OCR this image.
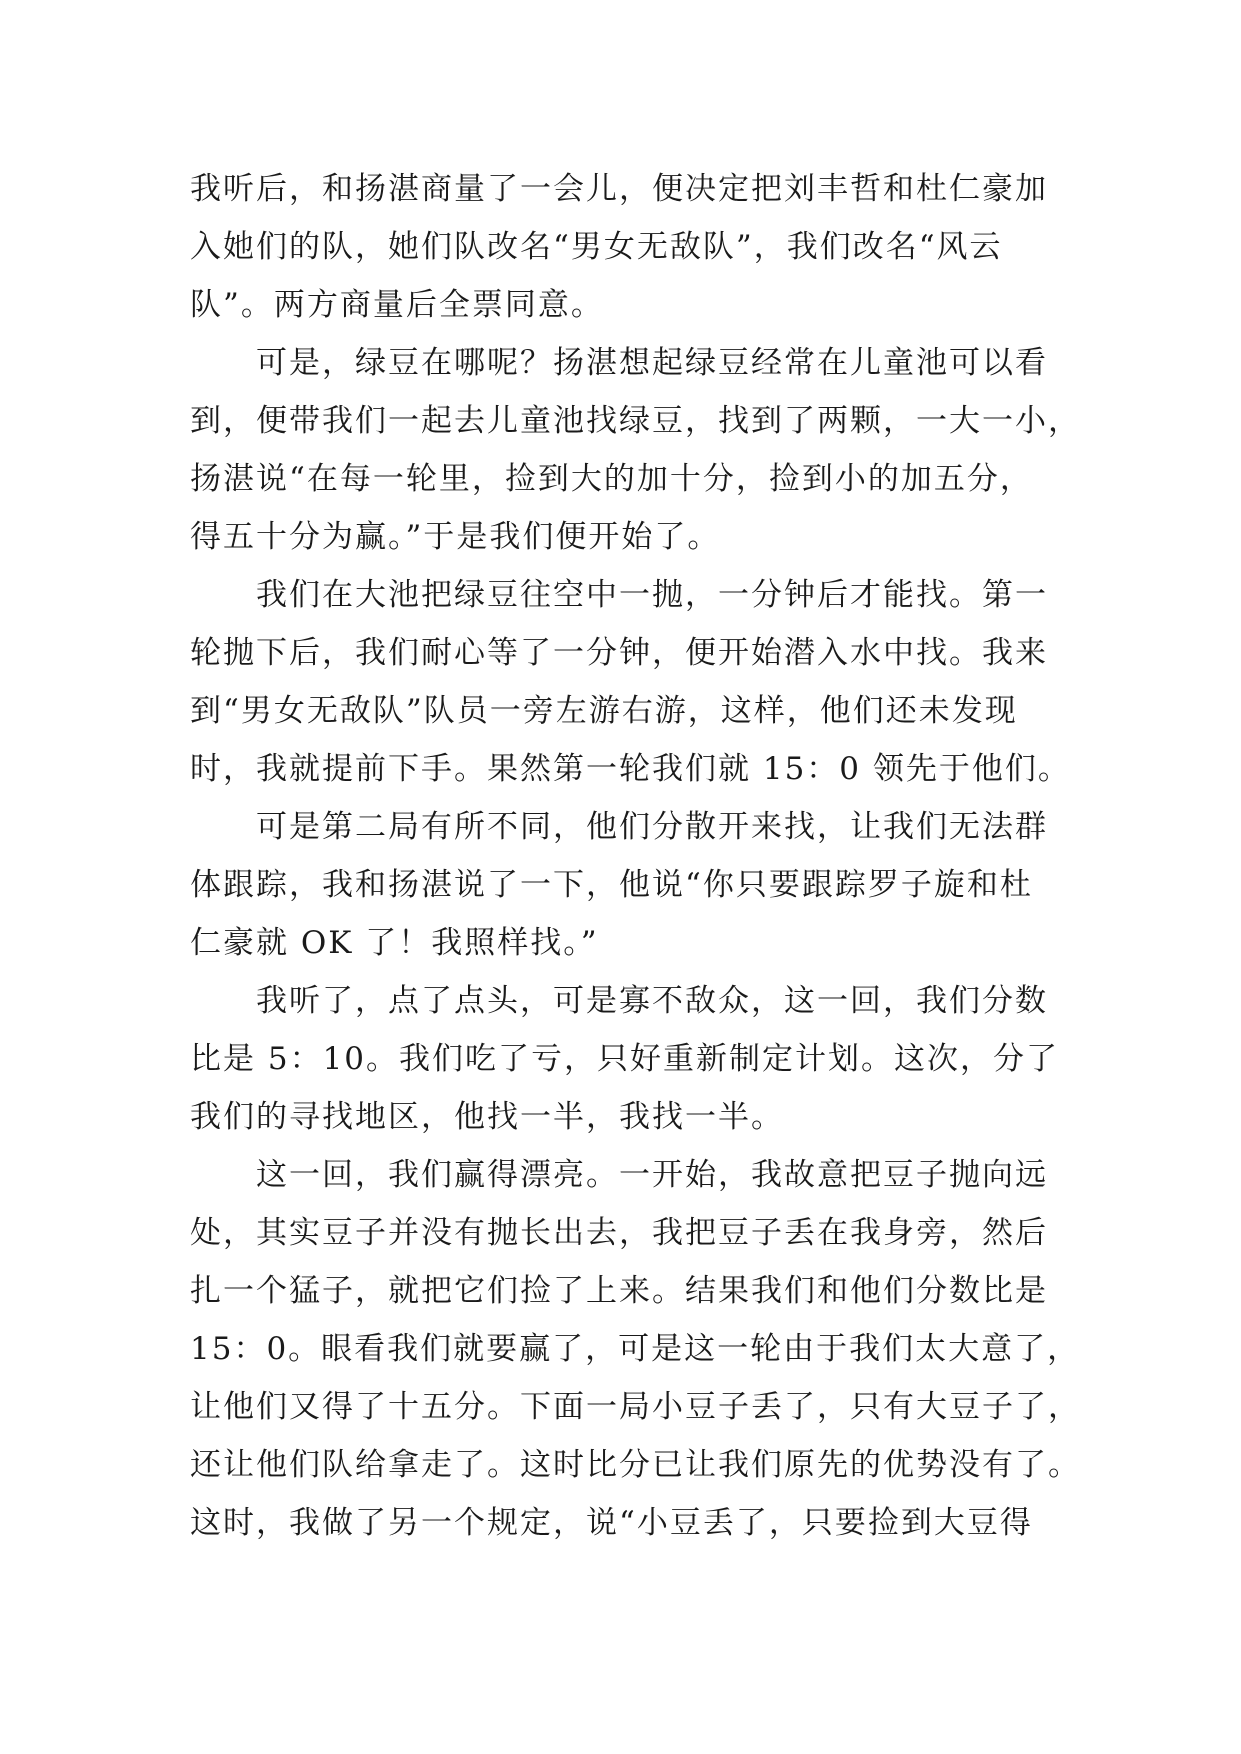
我听后，和扬湛商量了一会儿，便决定把刘丰哲和杜仁豪加
入她们的队，她们队改名“男女无敌队”，我们改名“风云
队”。两方商量后全票同意。

　　可是，绿豆在哪呢？扬湛想起绿豆经常在儿童池可以看
到，便带我们一起去儿童池找绿豆，找到了两颗，一大一小，
扬湛说“在每一轮里，捡到大的加十分，捡到小的加五分，
得五十分为赢。”于是我们便开始了。

　　我们在大池把绿豆往空中一抛，一分钟后才能找。第一
轮抛下后，我们耐心等了一分钟，便开始潜入水中找。我来
到“男女无敌队”队员一旁左游右游，这样，他们还未发现
时，我就提前下手。果然第一轮我们就 15：0 领先于他们。

　　可是第二局有所不同，他们分散开来找，让我们无法群
体跟踪，我和扬湛说了一下，他说“你只要跟踪罗子旋和杜
仁豪就 OK 了！我照样找。”

　　我听了，点了点头，可是寡不敌众，这一回，我们分数
比是 5：10。我们吃了亏，只好重新制定计划。这次，分了
我们的寻找地区，他找一半，我找一半。

　　这一回，我们赢得漂亮。一开始，我故意把豆子抛向远
处，其实豆子并没有抛长出去，我把豆子丢在我身旁，然后
扎一个猛子，就把它们捡了上来。结果我们和他们分数比是
15：0。眼看我们就要赢了，可是这一轮由于我们太大意了，
让他们又得了十五分。下面一局小豆子丢了，只有大豆子了，
还让他们队给拿走了。这时比分已让我们原先的优势没有了。
这时，我做了另一个规定，说“小豆丢了，只要捡到大豆得
